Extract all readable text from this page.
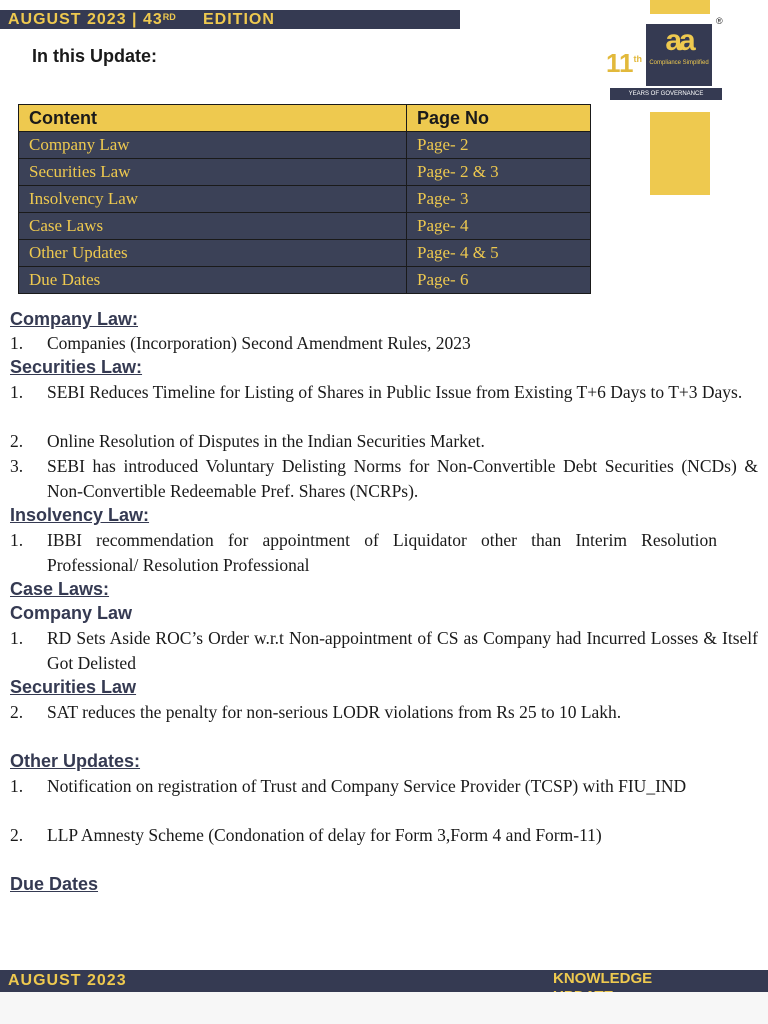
AUGUST 2023 | 43RD EDITION
11th
aa
Compliance Simplified
YEARS OF GOVERNANCE
®
In this Update:
Content	Page No
Company Law	Page- 2
Securities Law	Page- 2 & 3
Insolvency Law	Page- 3
Case Laws	Page- 4
Other Updates	Page- 4 & 5
Due Dates	Page- 6
Company Law:
1. Companies (Incorporation) Second Amendment Rules, 2023
Securities Law:
1. SEBI Reduces Timeline for Listing of Shares in Public Issue from Existing T+6 Days to T+3 Days.
2. Online Resolution of Disputes in the Indian Securities Market.
3. SEBI has introduced Voluntary Delisting Norms for Non-Convertible Debt Securities (NCDs) & Non-Convertible Redeemable Pref. Shares (NCRPs).
Insolvency Law:
1. IBBI recommendation for appointment of Liquidator other than Interim Resolution Professional/ Resolution Professional
Case Laws:
Company Law
1. RD Sets Aside ROC’s Order w.r.t Non-appointment of CS as Company had Incurred Losses & Itself Got Delisted
Securities Law
2. SAT reduces the penalty for non-serious LODR violations from Rs 25 to 10 Lakh.
Other Updates:
1. Notification on registration of Trust and Company Service Provider (TCSP) with FIU_IND
2. LLP Amnesty Scheme (Condonation of delay for Form 3,Form 4 and Form-11)
Due Dates
AUGUST 2023	KNOWLEDGE
